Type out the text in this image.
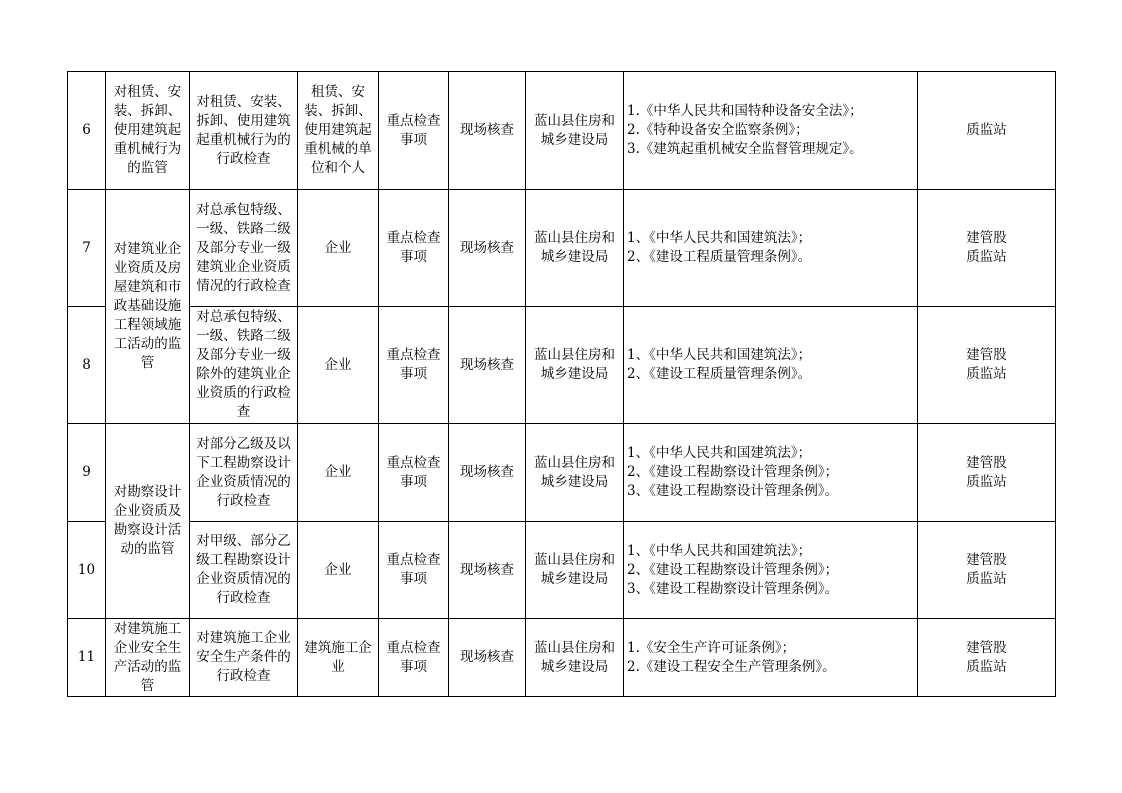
6	对租赁、安装、拆卸、使用建筑起重机械行为的监管	对租赁、安装、拆卸、使用建筑起重机械行为的行政检查	租赁、安装、拆卸、使用建筑起重机械的单位和个人	重点检查事项	现场核查	蓝山县住房和城乡建设局	1.《中华人民共和国特种设备安全法》；
2.《特种设备安全监察条例》；
3.《建筑起重机械安全监督管理规定》。	质监站

7	对建筑业企业资质及房屋建筑和市政基础设施工程领域施工活动的监管	对总承包特级、一级、铁路二级及部分专业一级建筑业企业资质情况的行政检查	企业	重点检查事项	现场核查	蓝山县住房和城乡建设局	1、《中华人民共和国建筑法》；
2、《建设工程质量管理条例》。	建管股
质监站

8		对总承包特级、一级、铁路二级及部分专业一级除外的建筑业企业资质的行政检查	企业	重点检查事项	现场核查	蓝山县住房和城乡建设局	1、《中华人民共和国建筑法》；
2、《建设工程质量管理条例》。	建管股
质监站

9	对勘察设计企业资质及勘察设计活动的监管	对部分乙级及以下工程勘察设计企业资质情况的行政检查	企业	重点检查事项	现场核查	蓝山县住房和城乡建设局	1、《中华人民共和国建筑法》；
2、《建设工程勘察设计管理条例》；
3、《建设工程勘察设计管理条例》。	建管股
质监站

10		对甲级、部分乙级工程勘察设计企业资质情况的行政检查	企业	重点检查事项	现场核查	蓝山县住房和城乡建设局	1、《中华人民共和国建筑法》；
2、《建设工程勘察设计管理条例》；
3、《建设工程勘察设计管理条例》。	建管股
质监站

11	对建筑施工企业安全生产活动的监管	对建筑施工企业安全生产条件的行政检查	建筑施工企业	重点检查事项	现场核查	蓝山县住房和城乡建设局	1.《安全生产许可证条例》；
2.《建设工程安全生产管理条例》。	建管股
质监站
